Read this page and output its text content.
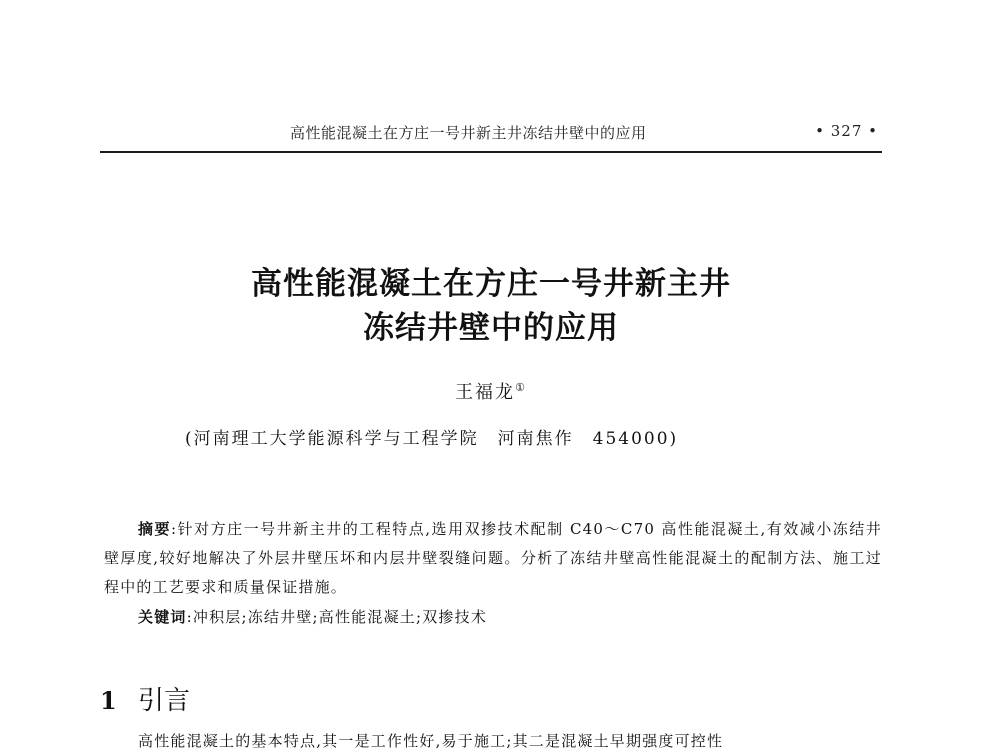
高性能混凝土在方庄一号井新主井冻结井壁中的应用	• 327 •
高性能混凝土在方庄一号井新主井
冻结井壁中的应用
王福龙①
(河南理工大学能源科学与工程学院　河南焦作　454000)
摘要:针对方庄一号井新主井的工程特点,选用双掺技术配制 C40～C70 高性能混凝土,有效减小冻结井壁厚度,较好地解决了外层井壁压坏和内层井壁裂缝问题。分析了冻结井壁高性能混凝土的配制方法、施工过程中的工艺要求和质量保证措施。
关键词:冲积层;冻结井壁;高性能混凝土;双掺技术
1 引言
高性能混凝土的基本特点,其一是工作性好,易于施工;其二是混凝土早期强度可控性
